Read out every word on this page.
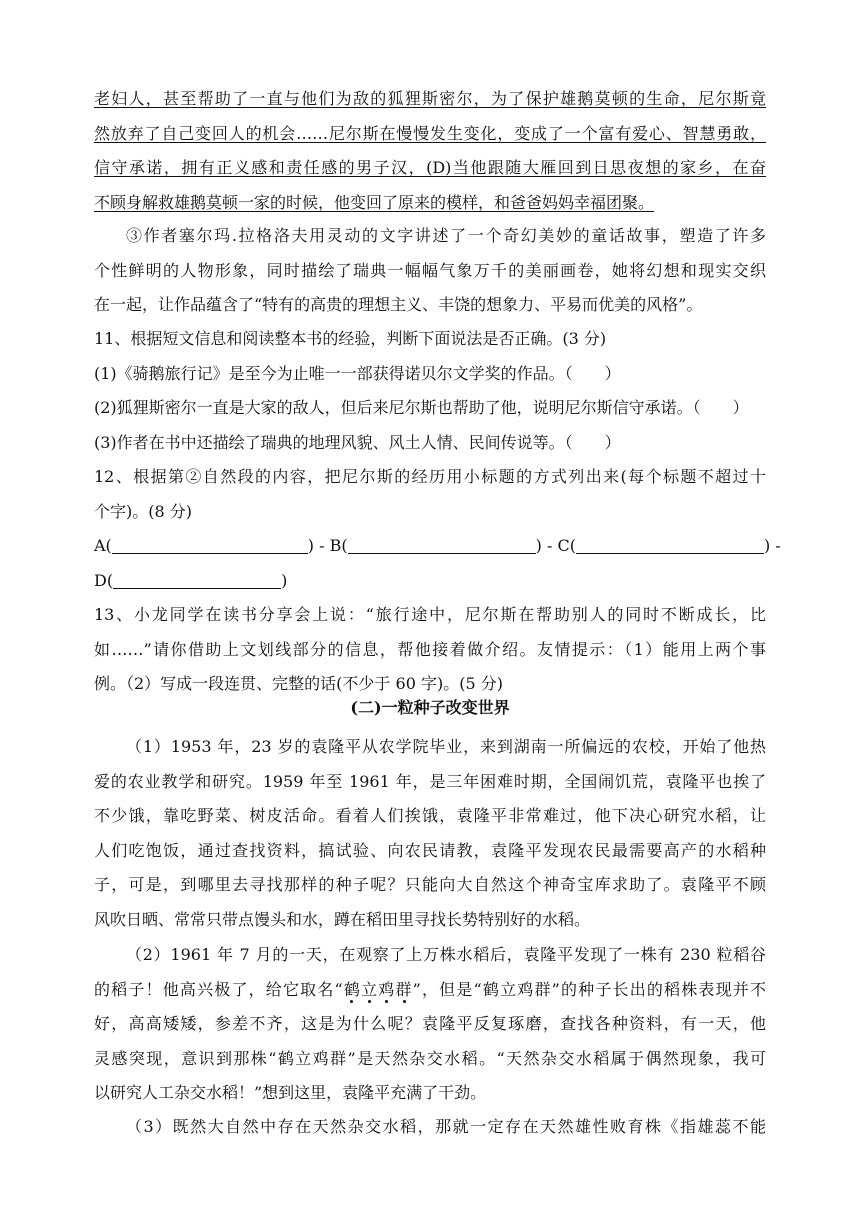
老妇人，甚至帮助了一直与他们为敌的狐狸斯密尔，为了保护雄鹅莫顿的生命，尼尔斯竟
然放弃了自己变回人的机会……尼尔斯在慢慢发生变化，变成了一个富有爱心、智慧勇敢，
信守承诺，拥有正义感和责任感的男子汉，(D)当他跟随大雁回到日思夜想的家乡，在奋
不顾身解救雄鹅莫顿一家的时候，他变回了原来的模样，和爸爸妈妈幸福团聚。
③作者塞尔玛.拉格洛夫用灵动的文字讲述了一个奇幻美妙的童话故事，塑造了许多
个性鲜明的人物形象，同时描绘了瑞典一幅幅气象万千的美丽画卷，她将幻想和现实交织
在一起，让作品蕴含了“特有的高贵的理想主义、丰饶的想象力、平易而优美的风格”。
11、根据短文信息和阅读整本书的经验，判断下面说法是否正确。(3 分)
(1)《骑鹅旅行记》是至今为止唯一一部获得诺贝尔文学奖的作品。（　　）
(2)狐狸斯密尔一直是大家的敌人，但后来尼尔斯也帮助了他，说明尼尔斯信守承诺。（　　）
(3)作者在书中还描绘了瑞典的地理风貌、风土人情、民间传说等。（　　）
12、根据第②自然段的内容，把尼尔斯的经历用小标题的方式列出来(每个标题不超过十
个字)。(8 分)
A(	) - B(	) - C(	) -
D(	)
13、小龙同学在读书分享会上说：“旅行途中，尼尔斯在帮助别人的同时不断成长，比
如……”请你借助上文划线部分的信息，帮他接着做介绍。友情提示：（1）能用上两个事
例。（2）写成一段连贯、完整的话(不少于 60 字)。(5 分)
(二)一粒种子改变世界
（1）1953 年，23 岁的袁隆平从农学院毕业，来到湖南一所偏远的农校，开始了他热
爱的农业教学和研究。1959 年至 1961 年，是三年困难时期，全国闹饥荒，袁隆平也挨了
不少饿，靠吃野菜、树皮活命。看着人们挨饿，袁隆平非常难过，他下决心研究水稻，让
人们吃饱饭，通过查找资料，搞试验、向农民请教，袁隆平发现农民最需要高产的水稻种
子，可是，到哪里去寻找那样的种子呢？只能向大自然这个神奇宝库求助了。袁隆平不顾
风吹日晒、常常只带点馒头和水，蹲在稻田里寻找长势特别好的水稻。
（2）1961 年 7 月的一天，在观察了上万株水稻后，袁隆平发现了一株有 230 粒稻谷
的稻子！他高兴极了，给它取名“鹤立鸡群”，但是“鹤立鸡群”的种子长出的稻株表现并不
好，高高矮矮，参差不齐，这是为什么呢？袁隆平反复琢磨，查找各种资料，有一天，他
灵感突现，意识到那株“鹤立鸡群”是天然杂交水稻。“天然杂交水稻属于偶然现象，我可
以研究人工杂交水稻！”想到这里，袁隆平充满了干劲。
（3）既然大自然中存在天然杂交水稻，那就一定存在天然雄性败育株《指雄蕊不能
